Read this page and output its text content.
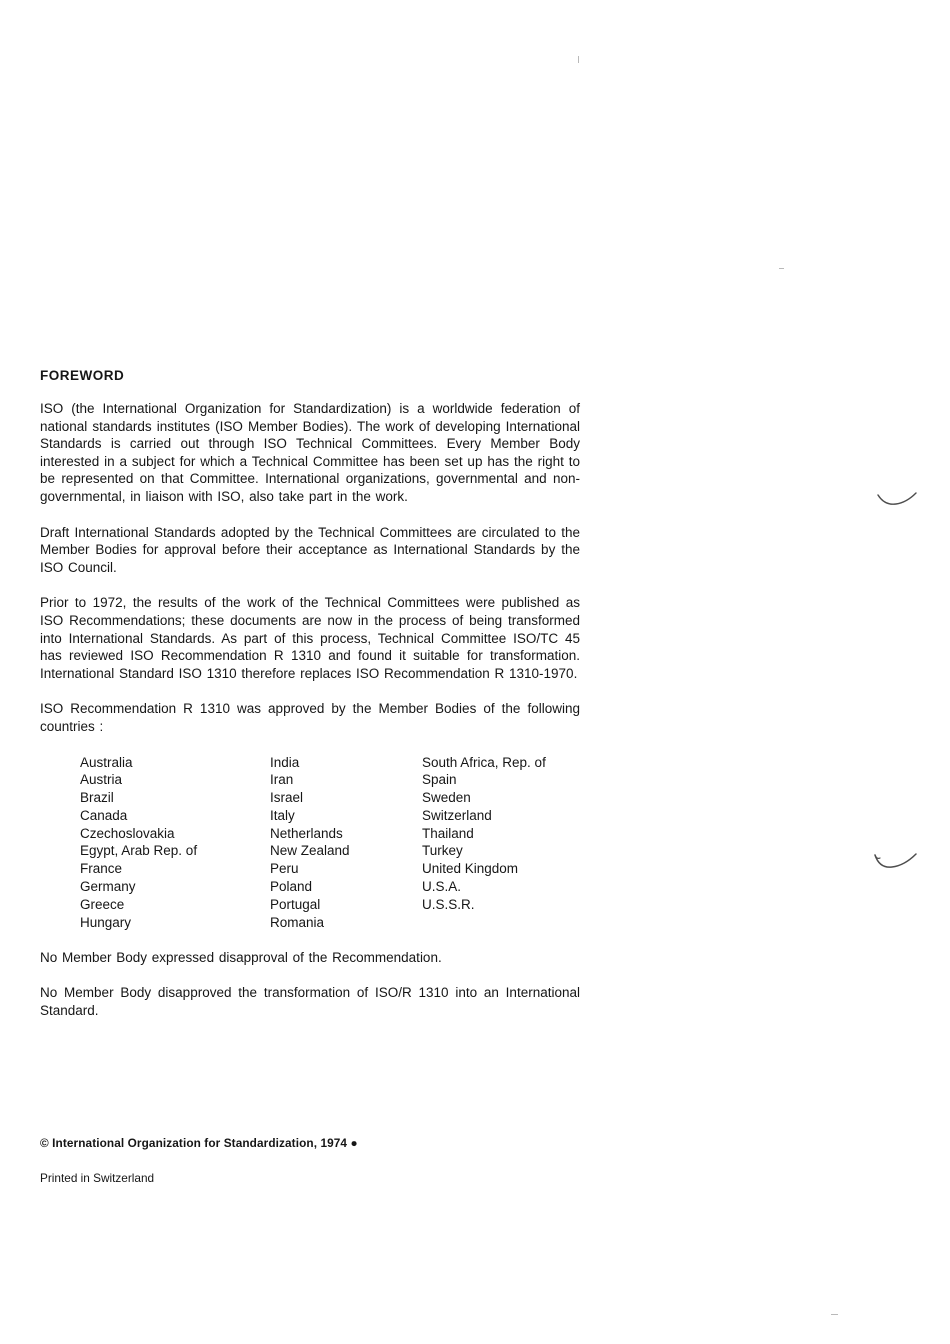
FOREWORD

ISO (the International Organization for Standardization) is a worldwide federation of national standards institutes (ISO Member Bodies). The work of developing International Standards is carried out through ISO Technical Committees. Every Member Body interested in a subject for which a Technical Committee has been set up has the right to be represented on that Committee. International organizations, governmental and non-governmental, in liaison with ISO, also take part in the work.

Draft International Standards adopted by the Technical Committees are circulated to the Member Bodies for approval before their acceptance as International Standards by the ISO Council.

Prior to 1972, the results of the work of the Technical Committees were published as ISO Recommendations; these documents are now in the process of being transformed into International Standards. As part of this process, Technical Committee ISO/TC 45 has reviewed ISO Recommendation R 1310 and found it suitable for transformation. International Standard ISO 1310 therefore replaces ISO Recommendation R 1310-1970.

ISO Recommendation R 1310 was approved by the Member Bodies of the following countries :

Australia
Austria
Brazil
Canada
Czechoslovakia
Egypt, Arab Rep. of
France
Germany
Greece
Hungary
India
Iran
Israel
Italy
Netherlands
New Zealand
Peru
Poland
Portugal
Romania
South Africa, Rep. of
Spain
Sweden
Switzerland
Thailand
Turkey
United Kingdom
U.S.A.
U.S.S.R.

No Member Body expressed disapproval of the Recommendation.

No Member Body disapproved the transformation of ISO/R 1310 into an International Standard.

© International Organization for Standardization, 1974 ●
Printed in Switzerland
